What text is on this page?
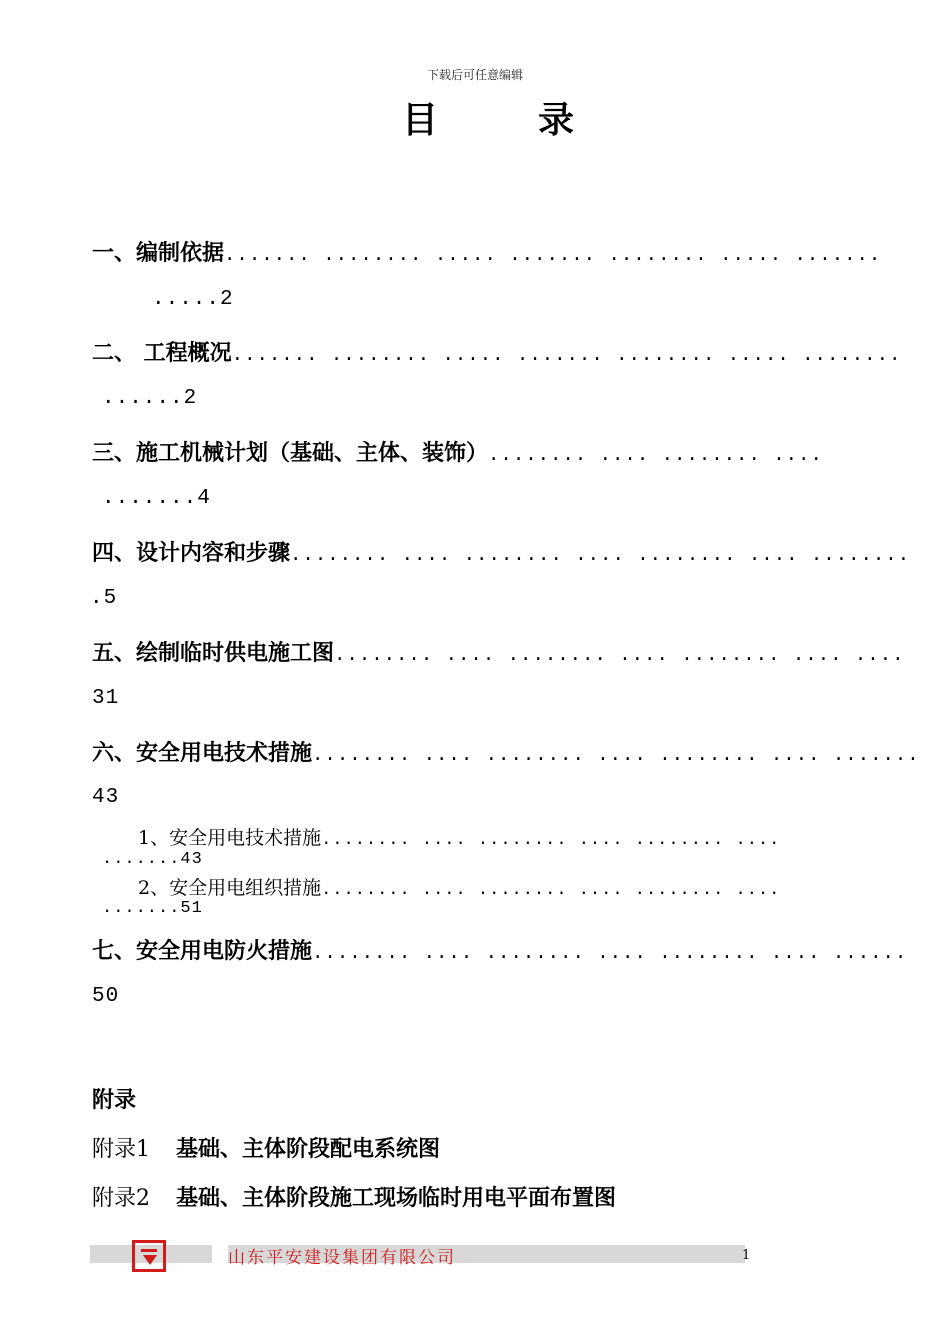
下载后可任意编辑
目	录
一、编制依据....... ........ ..... ....... ........ ..... .......
.....2
二、 工程概况....... ........ ..... ....... ........ ..... ........
......2
三、施工机械计划（基础、主体、装饰）........ .... ........ ....
.......4
四、设计内容和步骤........ .... ........ .... ........ .... ........
.5
五、绘制临时供电施工图........ .... ........ .... ........ .... ....
31
六、安全用电技术措施........ .... ........ .... ........ .... .......
43
1、安全用电技术措施........ .... ........ .... ........ ....
.......43
2、安全用电组织措施........ .... ........ .... ........ ....
.......51
七、安全用电防火措施........ .... ........ .... ........ .... ......
50
附录
附录1 基础、主体阶段配电系统图
附录2 基础、主体阶段施工现场临时用电平面布置图
山东平安建设集团有限公司	1
